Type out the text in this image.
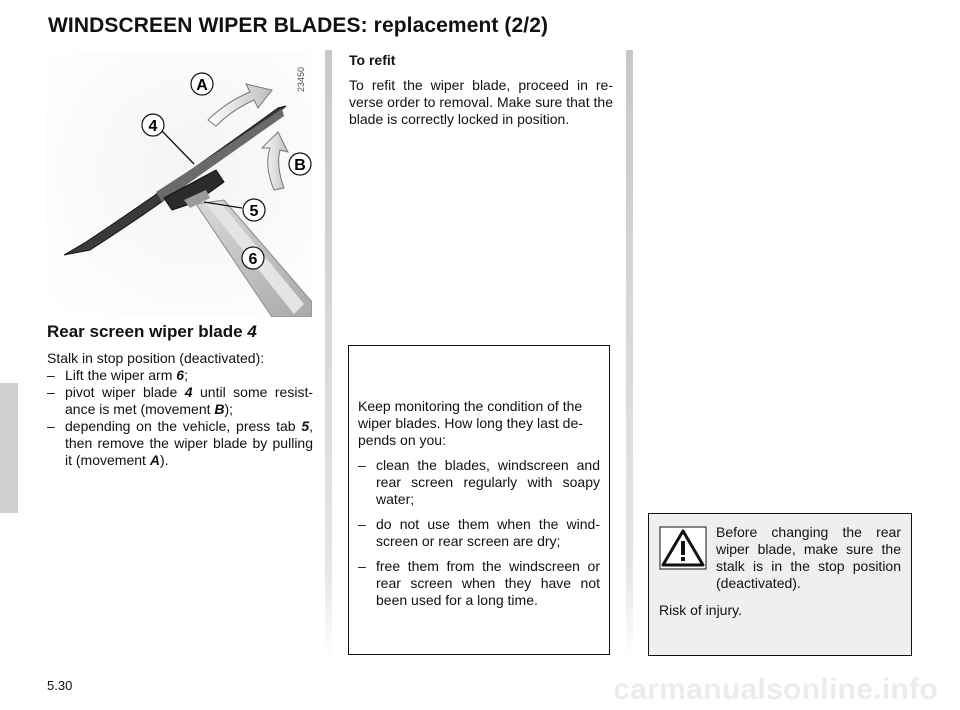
WINDSCREEN WIPER BLADES: replacement (2/2)
A
4
B
5
6
23450
Rear screen wiper blade 4

Stalk in stop position (deactivated):

– Lift the wiper arm 6;
– pivot wiper blade 4 until some resist-ance is met (movement B);
– depending on the vehicle, press tab 5, then remove the wiper blade by pulling it (movement A).
To refit

To refit the wiper blade, proceed in re-verse order to removal. Make sure that the blade is correctly locked in position.

Keep monitoring the condition of the wiper blades. How long they last de-pends on you:

– clean the blades, windscreen and rear screen regularly with soapy water;
– do not use them when the wind-screen or rear screen are dry;
– free them from the windscreen or rear screen when they have not been used for a long time.

Before changing the rear wiper blade, make sure the stalk is in the stop position (deactivated).

Risk of injury.

5.30	carmanualsonline.info
